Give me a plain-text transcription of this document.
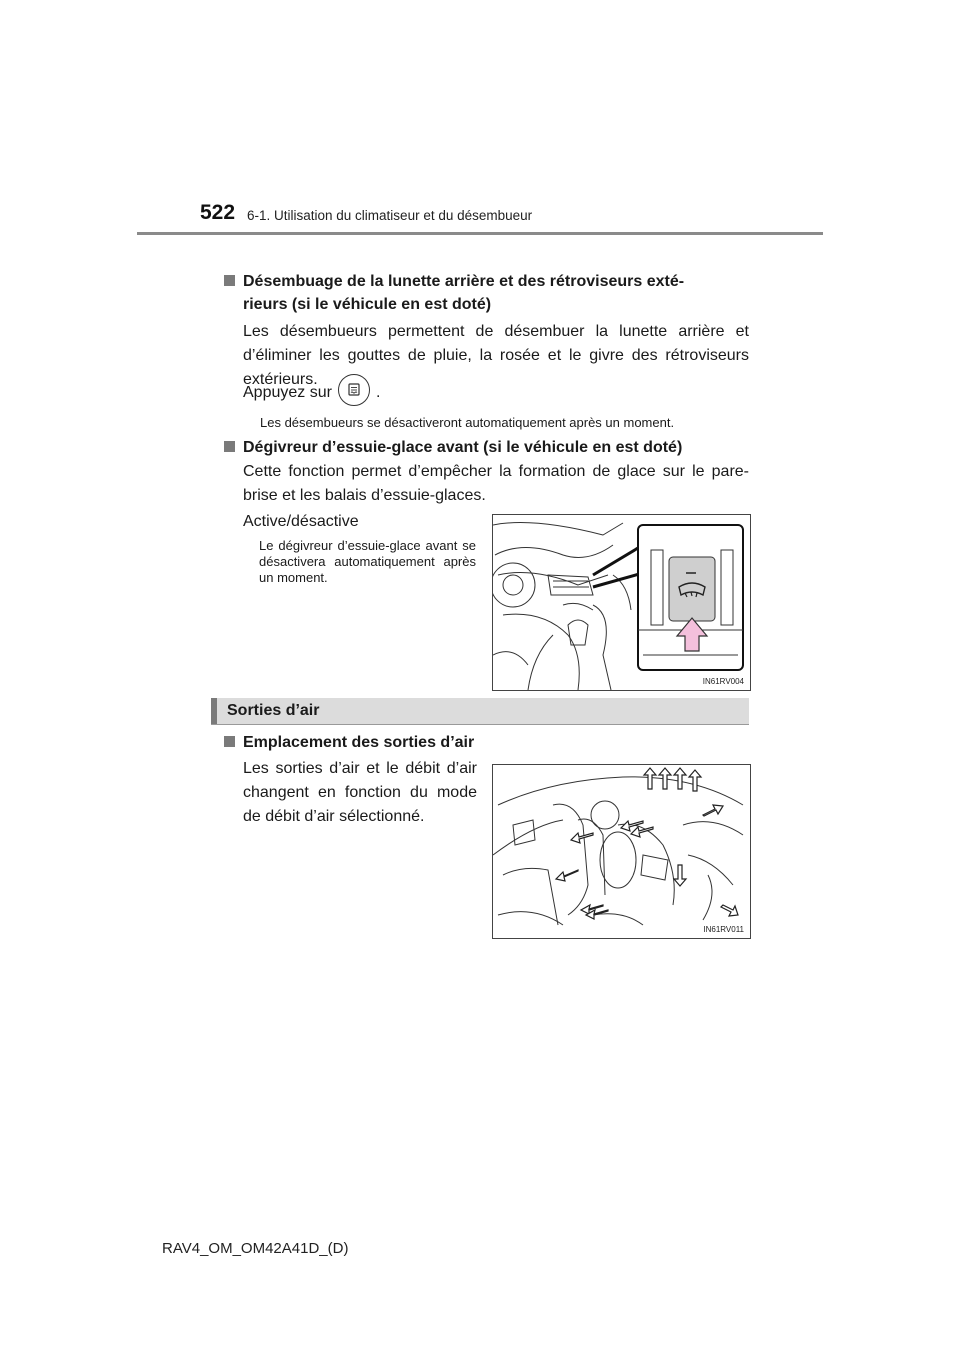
522 6-1. Utilisation du climatiseur et du désembueur
Désembuage de la lunette arrière et des rétroviseurs exté-
rieurs (si le véhicule en est doté)
Les désembueurs permettent de désembuer la lunette arrière et d’éliminer les gouttes de pluie, la rosée et le givre des rétroviseurs extérieurs.
Appuyez sur	.
Les désembueurs se désactiveront automatiquement après un moment.
Dégivreur d’essuie-glace avant (si le véhicule en est doté)
Cette fonction permet d’empêcher la formation de glace sur le pare-brise et les balais d’essuie-glaces.
Active/désactive
Le dégivreur d’essuie-glace avant se désactivera automatiquement après un moment.
IN61RV004
Sorties d’air
Emplacement des sorties d’air
Les sorties d’air et le débit d’air changent en fonction du mode de débit d’air sélectionné.
IN61RV011
RAV4_OM_OM42A41D_(D)
